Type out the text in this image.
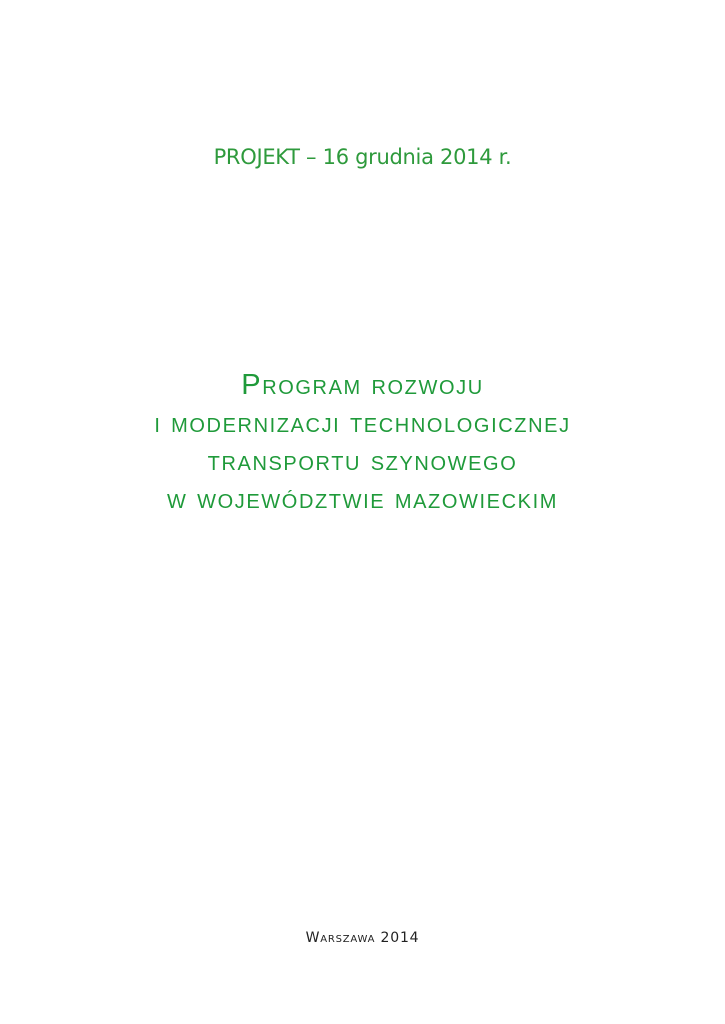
PROJEKT – 16 grudnia 2014 r.
Program rozwoju
i modernizacji technologicznej
transportu szynowego
w województwie mazowieckim
Warszawa 2014
